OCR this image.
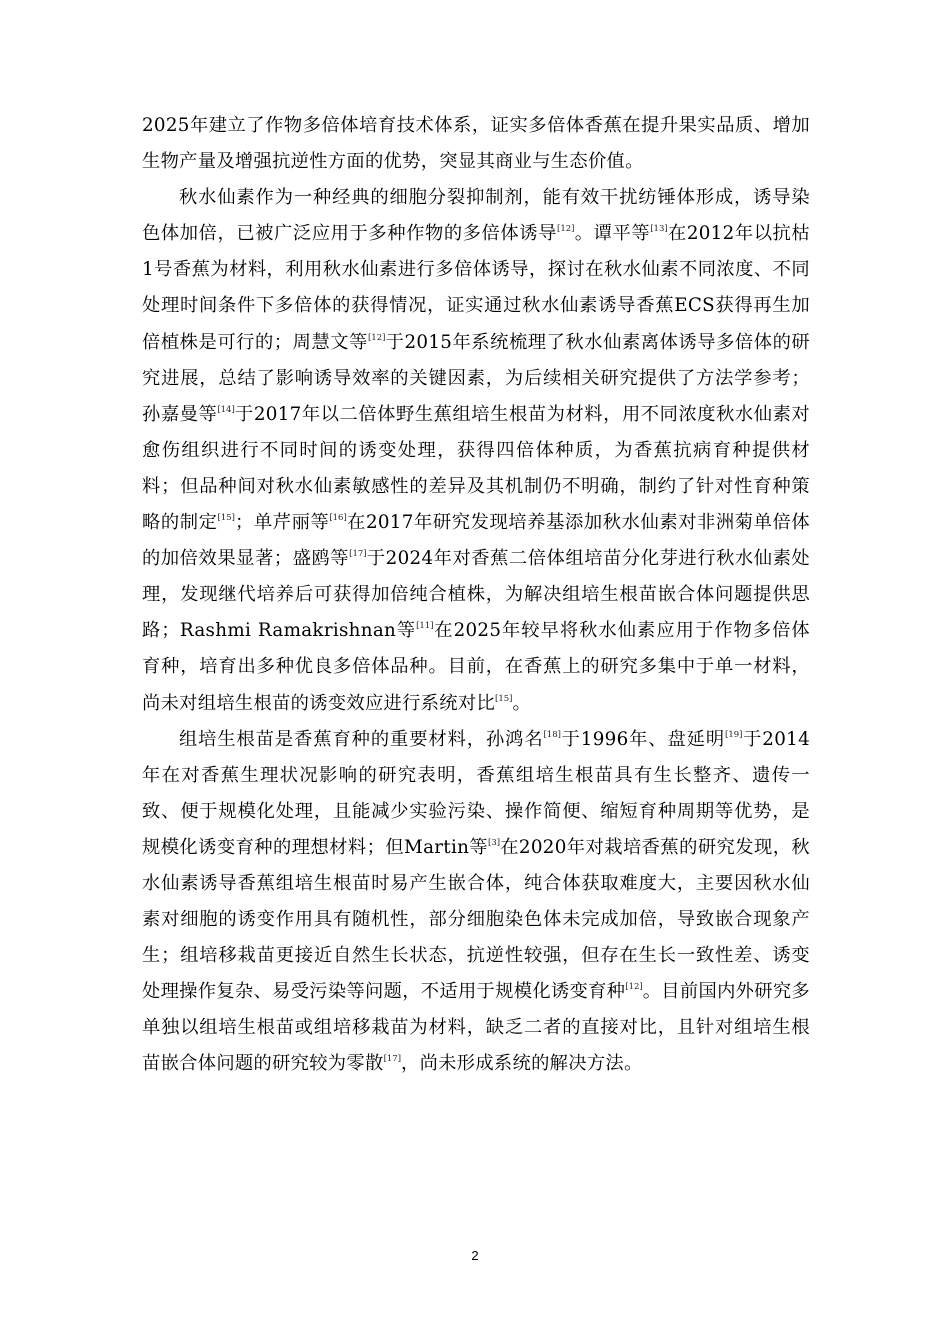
2025年建立了作物多倍体培育技术体系，证实多倍体香蕉在提升果实品质、增加生物产量及增强抗逆性方面的优势，突显其商业与生态价值。

秋水仙素作为一种经典的细胞分裂抑制剂，能有效干扰纺锤体形成，诱导染色体加倍，已被广泛应用于多种作物的多倍体诱导[12]。谭平等[13]在2012年以抗枯1号香蕉为材料，利用秋水仙素进行多倍体诱导，探讨在秋水仙素不同浓度、不同处理时间条件下多倍体的获得情况，证实通过秋水仙素诱导香蕉ECS获得再生加倍植株是可行的；周慧文等[12]于2015年系统梳理了秋水仙素离体诱导多倍体的研究进展，总结了影响诱导效率的关键因素，为后续相关研究提供了方法学参考；孙嘉曼等[14]于2017年以二倍体野生蕉组培生根苗为材料，用不同浓度秋水仙素对愈伤组织进行不同时间的诱变处理，获得四倍体种质，为香蕉抗病育种提供材料；但品种间对秋水仙素敏感性的差异及其机制仍不明确，制约了针对性育种策略的制定[15]；单芹丽等[16]在2017年研究发现培养基添加秋水仙素对非洲菊单倍体的加倍效果显著；盛鸥等[17]于2024年对香蕉二倍体组培苗分化芽进行秋水仙素处理，发现继代培养后可获得加倍纯合植株，为解决组培生根苗嵌合体问题提供思路；Rashmi Ramakrishnan等[11]在2025年较早将秋水仙素应用于作物多倍体育种，培育出多种优良多倍体品种。目前，在香蕉上的研究多集中于单一材料，尚未对组培生根苗的诱变效应进行系统对比[15]。

组培生根苗是香蕉育种的重要材料，孙鸿名[18]于1996年、盘延明[19]于2014年在对香蕉生理状况影响的研究表明，香蕉组培生根苗具有生长整齐、遗传一致、便于规模化处理，且能减少实验污染、操作简便、缩短育种周期等优势，是规模化诱变育种的理想材料；但Martin等[3]在2020年对栽培香蕉的研究发现，秋水仙素诱导香蕉组培生根苗时易产生嵌合体，纯合体获取难度大，主要因秋水仙素对细胞的诱变作用具有随机性，部分细胞染色体未完成加倍，导致嵌合现象产生；组培移栽苗更接近自然生长状态，抗逆性较强，但存在生长一致性差、诱变处理操作复杂、易受污染等问题，不适用于规模化诱变育种[12]。目前国内外研究多单独以组培生根苗或组培移栽苗为材料，缺乏二者的直接对比，且针对组培生根苗嵌合体问题的研究较为零散[17]，尚未形成系统的解决方法。

2
